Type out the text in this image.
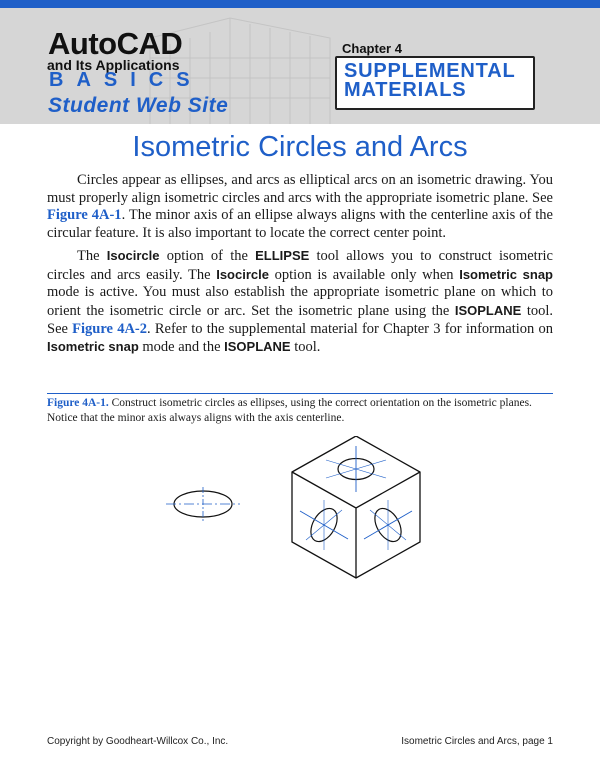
AutoCAD
and Its Applications
BASICS
Student Web Site
Chapter 4
SUPPLEMENTAL
MATERIALS
Isometric Circles and Arcs

Circles appear as ellipses, and arcs as elliptical arcs on an isometric drawing. You must properly align isometric circles and arcs with the appropriate isometric plane. See Figure 4A-1. The minor axis of an ellipse always aligns with the centerline axis of the circular feature. It is also important to locate the correct center point.

The Isocircle option of the ELLIPSE tool allows you to construct isometric circles and arcs easily. The Isocircle option is available only when Isometric snap mode is active. You must also establish the appropriate isometric plane on which to orient the isometric circle or arc. Set the isometric plane using the ISOPLANE tool. See Figure 4A-2. Refer to the supplemental material for Chapter 3 for information on Isometric snap mode and the ISOPLANE tool.

Figure 4A-1. Construct isometric circles as ellipses, using the correct orientation on the isometric planes. Notice that the minor axis always aligns with the axis centerline.
Copyright by Goodheart-Willcox Co., Inc.	Isometric Circles and Arcs, page 1
